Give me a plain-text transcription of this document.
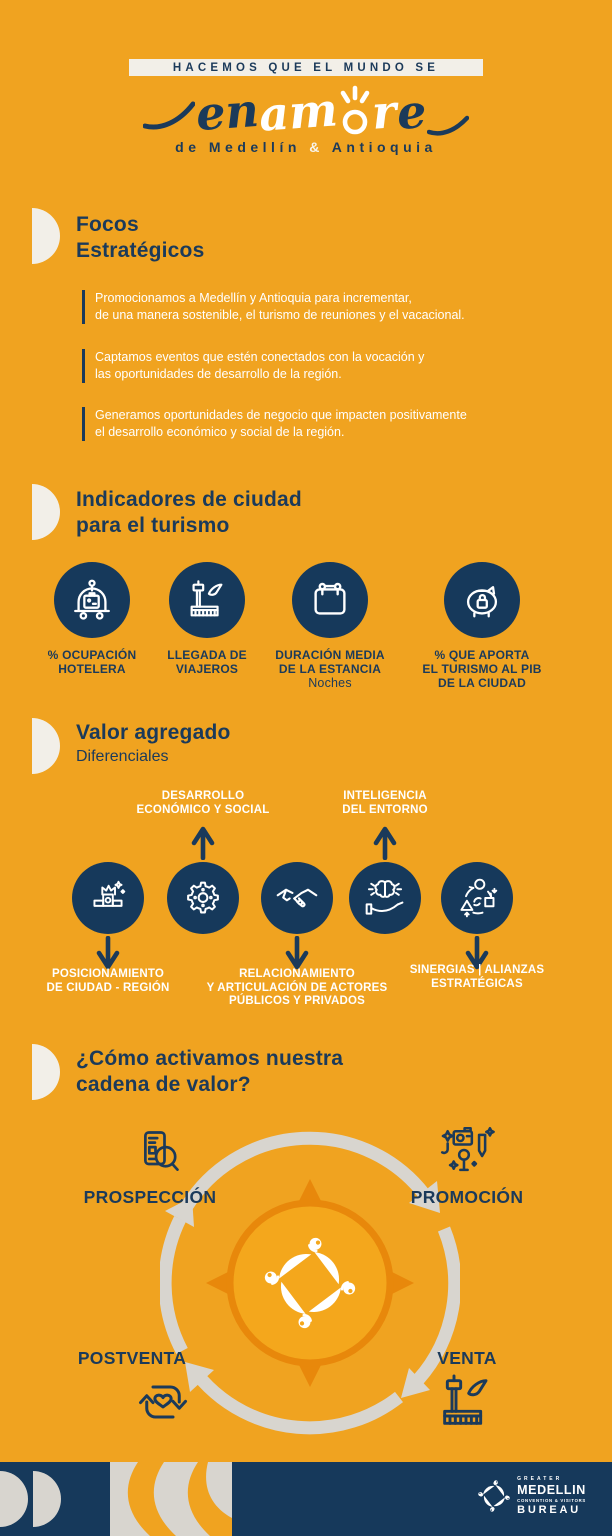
HACEMOS QUE EL MUNDO SE
en
am r
e
de Medellín & Antioquia
Focos
Estratégicos
Promocionamos a Medellín y Antioquia para incrementar,
de una manera sostenible, el turismo de reuniones y el vacacional.
Captamos eventos que estén conectados con la vocación y
las oportunidades de desarrollo de la región.
Generamos oportunidades de negocio que impacten positivamente
el desarrollo económico y social de la región.
Indicadores de ciudad
para el turismo
% OCUPACIÓN
HOTELERA
LLEGADA DE
VIAJEROS
DURACIÓN MEDIA
DE LA ESTANCIA
Noches
% QUE APORTA
EL TURISMO AL PIB
DE LA CIUDAD
Valor agregado
Diferenciales
DESARROLLO
ECONÓMICO Y SOCIAL
INTELIGENCIA
DEL ENTORNO
POSICIONAMIENTO
DE CIUDAD - REGIÓN
RELACIONAMIENTO
Y ARTICULACIÓN DE ACTORES
PÚBLICOS Y PRIVADOS
SINERGIAS | ALIANZAS
ESTRATÉGICAS
¿Cómo activamos nuestra
cadena de valor?
PROSPECCIÓN	PROMOCIÓN
VENTA
POSTVENTA
GREATER
MEDELLIN
CONVENTION & VISITORS
BUREAU
